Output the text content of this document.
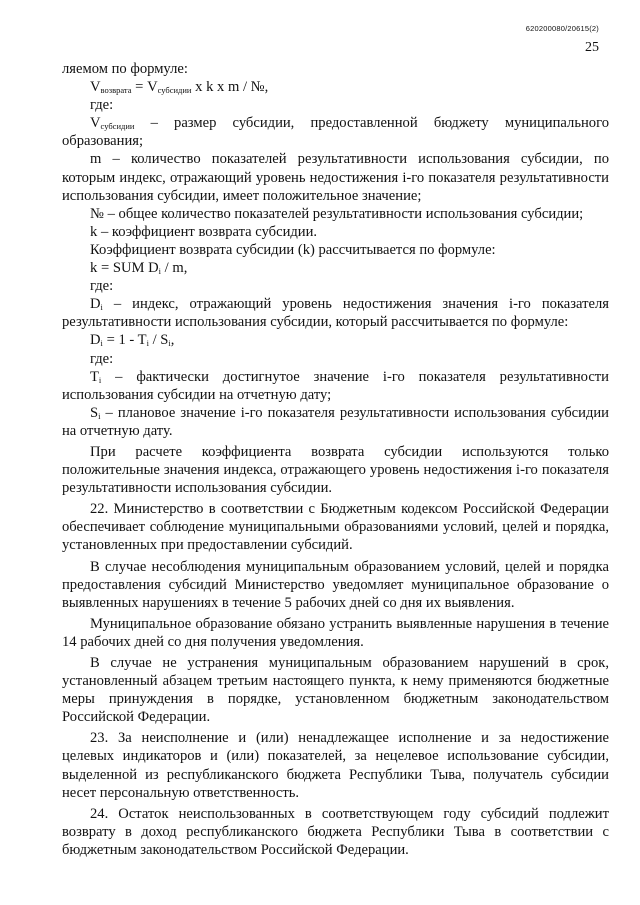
620200080/20615(2)
25

ляемом по формуле:

$V_{возврата} = V_{субсидии}$ x k x m / №,

где:

$V_{субсидии}$ – размер субсидии, предоставленной бюджету муниципального образования;

m – количество показателей результативности использования субсидии, по которым индекс, отражающий уровень недостижения i-го показателя результативности использования субсидии, имеет положительное значение;

№ – общее количество показателей результативности использования субсидии;

k – коэффициент возврата субсидии.

Коэффициент возврата субсидии (k) рассчитывается по формуле:

k = SUM $D_i$ / m,

где:

$D_i$ – индекс, отражающий уровень недостижения значения i-го показателя результативности использования субсидии, который рассчитывается по формуле:

$D_i = 1 - T_i / S_i$,

где:

$T_i$ – фактически достигнутое значение i-го показателя результативности использования субсидии на отчетную дату;

$S_i$ – плановое значение i-го показателя результативности использования субсидии на отчетную дату.

При расчете коэффициента возврата субсидии используются только положительные значения индекса, отражающего уровень недостижения i-го показателя результативности использования субсидии.

22. Министерство в соответствии с Бюджетным кодексом Российской Федерации обеспечивает соблюдение муниципальными образованиями условий, целей и порядка, установленных при предоставлении субсидий.

В случае несоблюдения муниципальным образованием условий, целей и порядка предоставления субсидий Министерство уведомляет муниципальное образование о выявленных нарушениях в течение 5 рабочих дней со дня их выявления.

Муниципальное образование обязано устранить выявленные нарушения в течение 14 рабочих дней со дня получения уведомления.

В случае не устранения муниципальным образованием нарушений в срок, установленный абзацем третьим настоящего пункта, к нему применяются бюджетные меры принуждения в порядке, установленном бюджетным законодательством Российской Федерации.

23. За неисполнение и (или) ненадлежащее исполнение и за недостижение целевых индикаторов и (или) показателей, за нецелевое использование субсидии, выделенной из республиканского бюджета Республики Тыва, получатель субсидии несет персональную ответственность.

24. Остаток неиспользованных в соответствующем году субсидий подлежит возврату в доход республиканского бюджета Республики Тыва в соответствии с бюджетным законодательством Российской Федерации.
